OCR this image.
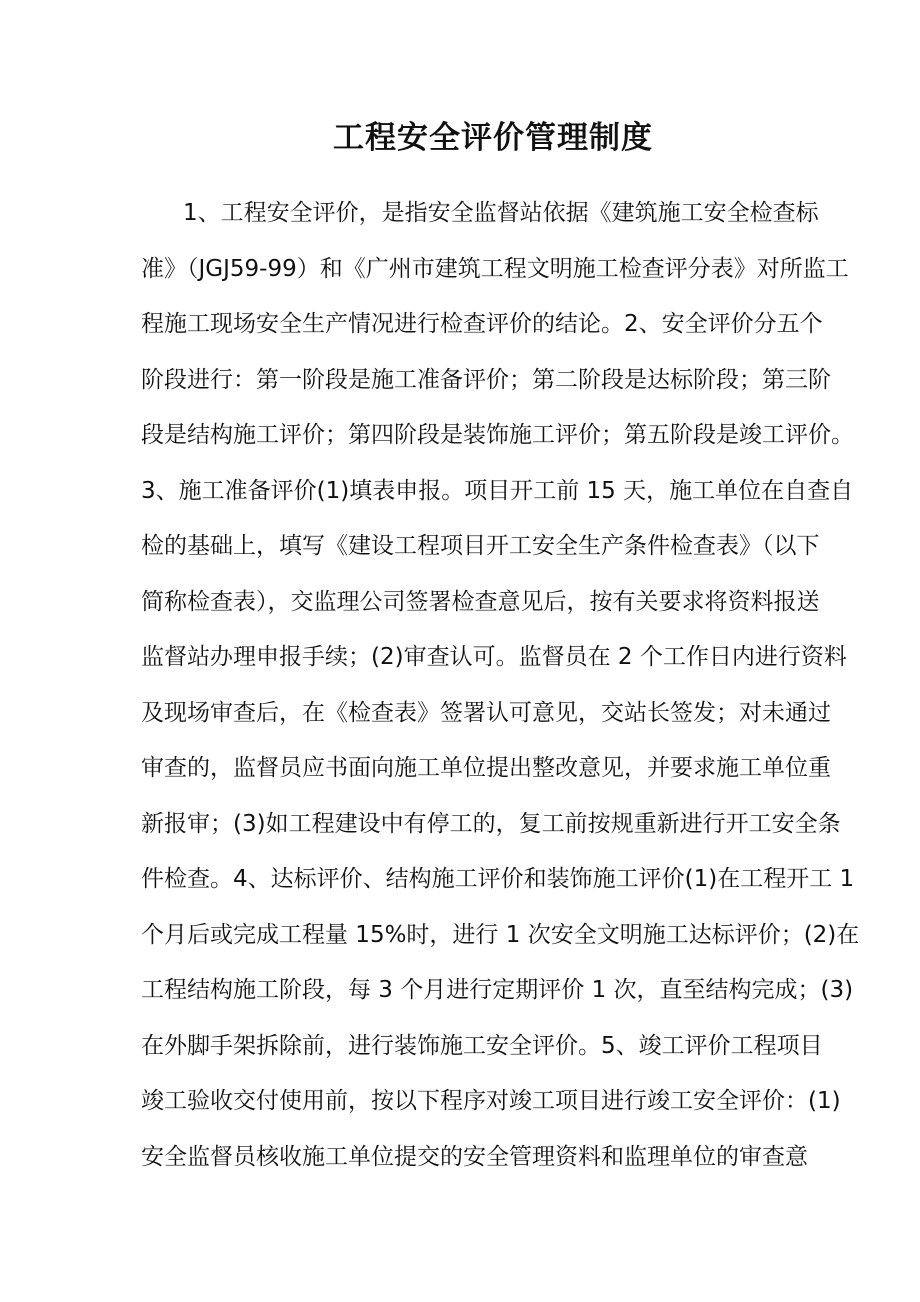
工程安全评价管理制度
1、工程安全评价，是指安全监督站依据《建筑施工安全检查标
准》（JGJ59-99）和《广州市建筑工程文明施工检查评分表》对所监工
程施工现场安全生产情况进行检查评价的结论。2、安全评价分五个
阶段进行：第一阶段是施工准备评价；第二阶段是达标阶段；第三阶
段是结构施工评价；第四阶段是装饰施工评价；第五阶段是竣工评价。
3、施工准备评价(1)填表申报。项目开工前 15 天，施工单位在自查自
检的基础上，填写《建设工程项目开工安全生产条件检查表》（以下
简称检查表），交监理公司签署检查意见后，按有关要求将资料报送
监督站办理申报手续；(2)审查认可。监督员在 2 个工作日内进行资料
及现场审查后，在《检查表》签署认可意见，交站长签发；对未通过
审查的，监督员应书面向施工单位提出整改意见，并要求施工单位重
新报审；(3)如工程建设中有停工的，复工前按规重新进行开工安全条
件检查。4、达标评价、结构施工评价和装饰施工评价(1)在工程开工 1
个月后或完成工程量 15%时，进行 1 次安全文明施工达标评价；(2)在
工程结构施工阶段，每 3 个月进行定期评价 1 次，直至结构完成；(3)
在外脚手架拆除前，进行装饰施工安全评价。5、竣工评价工程项目
竣工验收交付使用前，按以下程序对竣工项目进行竣工安全评价：(1)
安全监督员核收施工单位提交的安全管理资料和监理单位的审查意
